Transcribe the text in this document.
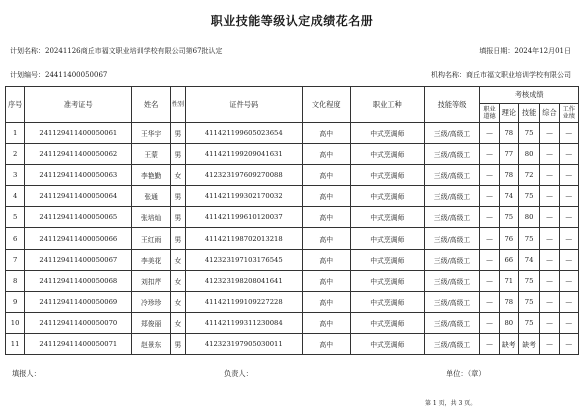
职业技能等级认定成绩花名册
计划名称：20241126商丘市福文职业培训学校有限公司第67批认定	填报日期：2024年12月01日
计划编号：24411400050067	机构名称：商丘市福文职业培训学校有限公司
序号	准考证号	姓名	性别	证件号码	文化程度	职业工种	技能等级	考核成绩				
								职业道德	理论	技能	综合	工作业绩
1	241129411400050061	王华宇	男	411421199605023654	高中	中式烹调师	三级/高级工	—	78	75	—	—
2	241129411400050062	王蒙	男	411421199209041631	高中	中式烹调师	三级/高级工	—	77	80	—	—
3	241129411400050063	李艳勤	女	412323197609270088	高中	中式烹调师	三级/高级工	—	78	72	—	—
4	241129411400050064	张通	男	411421199302170032	高中	中式烹调师	三级/高级工	—	74	75	—	—
5	241129411400050065	张培灿	男	411421199610120037	高中	中式烹调师	三级/高级工	—	75	80	—	—
6	241129411400050066	王红雨	男	411421198702013218	高中	中式烹调师	三级/高级工	—	76	75	—	—
7	241129411400050067	李美花	女	412323197103176545	高中	中式烹调师	三级/高级工	—	66	74	—	—
8	241129411400050068	刘扣芹	女	412323198208041641	高中	中式烹调师	三级/高级工	—	71	75	—	—
9	241129411400050069	冷珍珍	女	411421199109227228	高中	中式烹调师	三级/高级工	—	78	75	—	—
10	241129411400050070	郑俊丽	女	411421199311230084	高中	中式烹调师	三级/高级工	—	80	75	—	—
11	241129411400050071	赵景东	男	412323197905030011	高中	中式烹调师	三级/高级工	—	缺考	缺考	—	—
填报人：	负责人：	单位：（章）
第 1 页，共 3 页。
